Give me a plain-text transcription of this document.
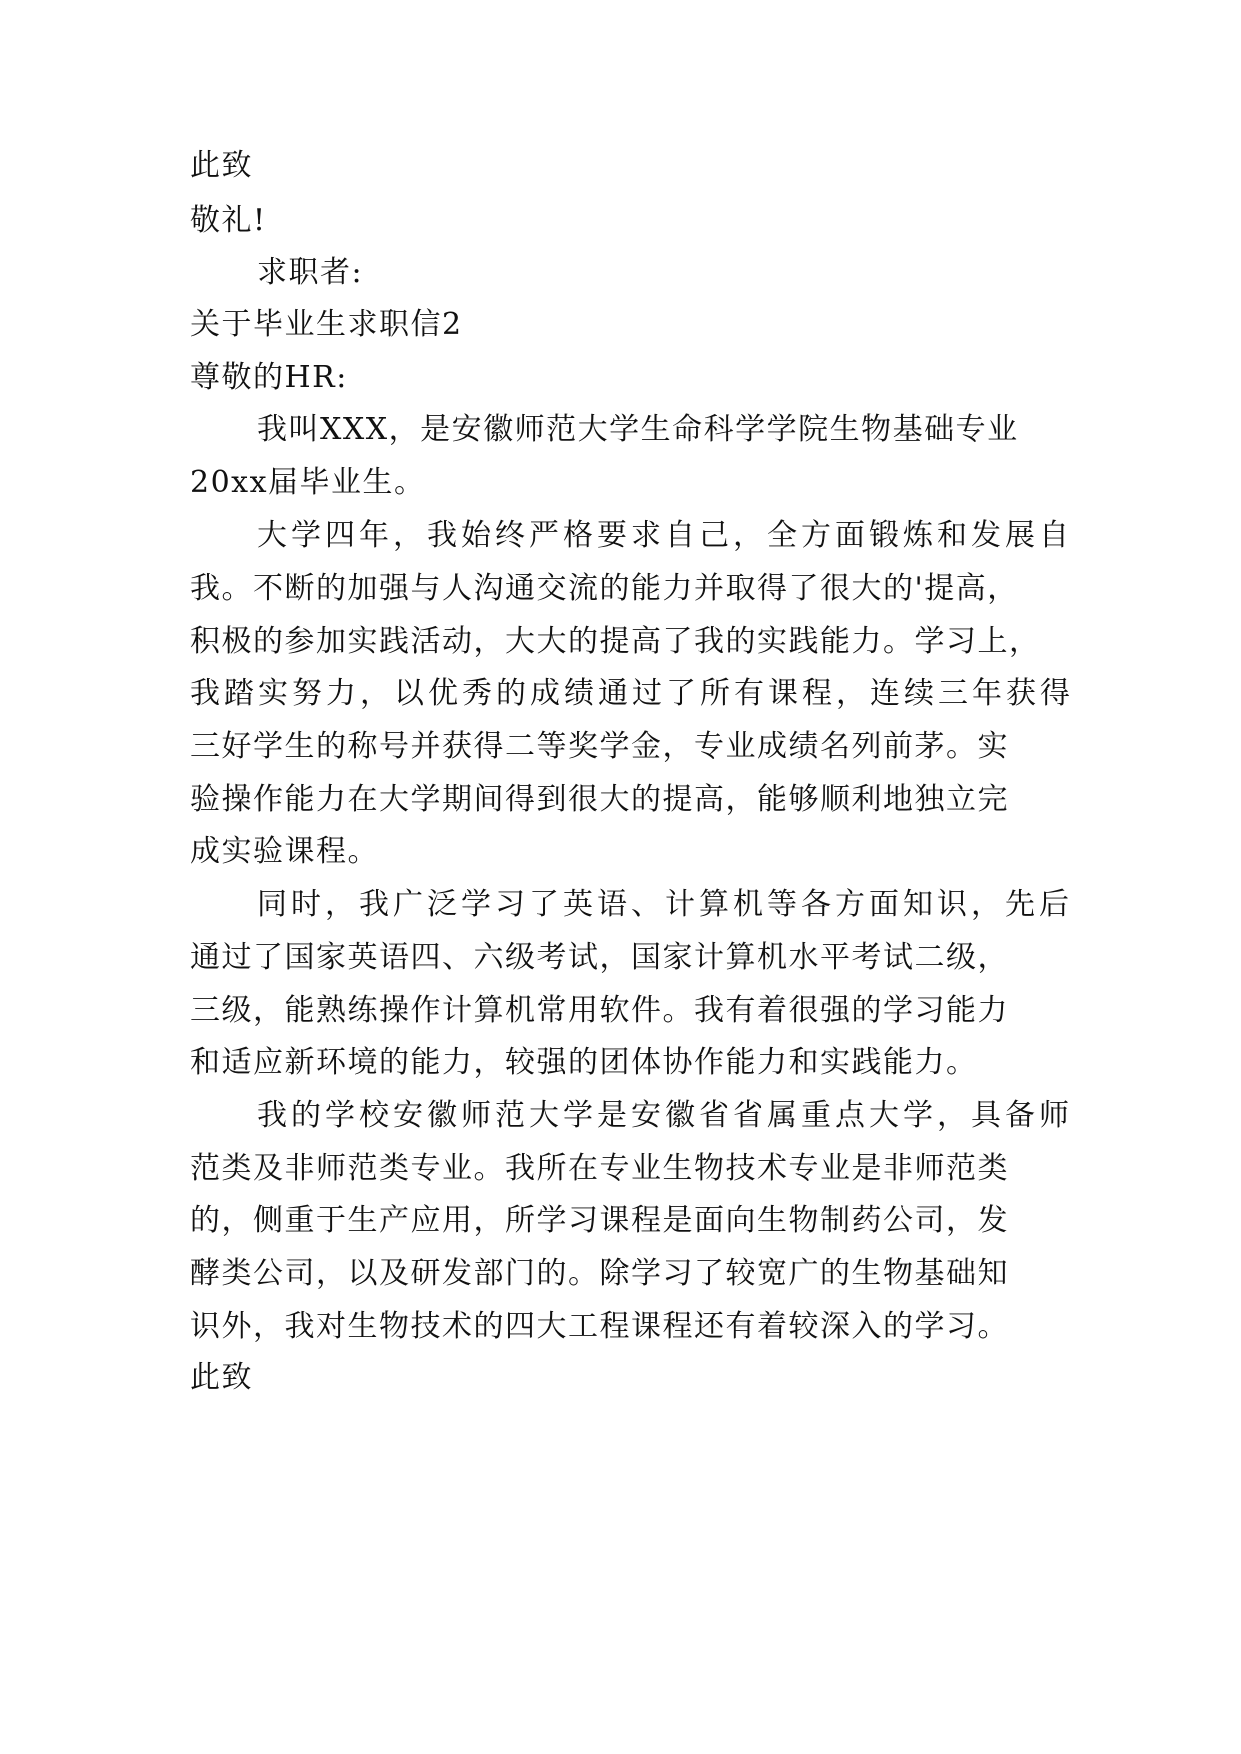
此致
敬礼!
求职者:
关于毕业生求职信2
尊敬的HR:
我叫XXX，是安徽师范大学生命科学学院生物基础专业
20xx届毕业生。
大学四年，我始终严格要求自己，全方面锻炼和发展自
我。不断的加强与人沟通交流的能力并取得了很大的'提高，
积极的参加实践活动，大大的提高了我的实践能力。学习上，
我踏实努力，以优秀的成绩通过了所有课程，连续三年获得
三好学生的称号并获得二等奖学金，专业成绩名列前茅。实
验操作能力在大学期间得到很大的提高，能够顺利地独立完
成实验课程。
同时，我广泛学习了英语、计算机等各方面知识，先后
通过了国家英语四、六级考试，国家计算机水平考试二级，
三级，能熟练操作计算机常用软件。我有着很强的学习能力
和适应新环境的能力，较强的团体协作能力和实践能力。
我的学校安徽师范大学是安徽省省属重点大学，具备师
范类及非师范类专业。我所在专业生物技术专业是非师范类
的，侧重于生产应用，所学习课程是面向生物制药公司，发
酵类公司，以及研发部门的。除学习了较宽广的生物基础知
识外，我对生物技术的四大工程课程还有着较深入的学习。
此致
